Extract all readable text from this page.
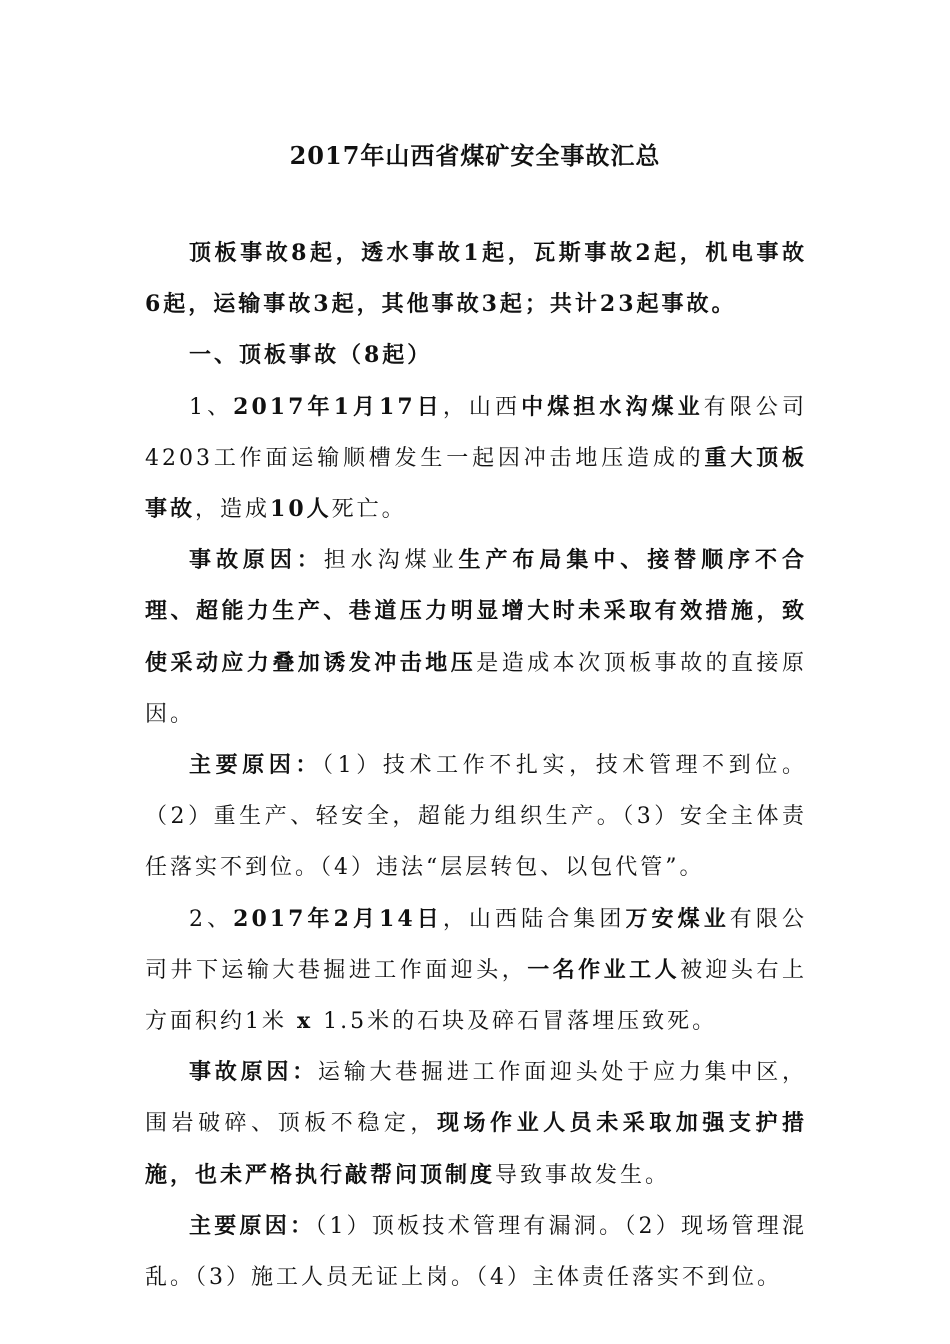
2017年山西省煤矿安全事故汇总

顶板事故8起，透水事故1起，瓦斯事故2起，机电事故6起，运输事故3起，其他事故3起；共计23起事故。

一、顶板事故（8起）

1、2017年1月17日，山西中煤担水沟煤业有限公司4203工作面运输顺槽发生一起因冲击地压造成的重大顶板事故，造成10人死亡。

事故原因：担水沟煤业生产布局集中、接替顺序不合理、超能力生产、巷道压力明显增大时未采取有效措施，致使采动应力叠加诱发冲击地压是造成本次顶板事故的直接原因。

主要原因：（1）技术工作不扎实，技术管理不到位。（2）重生产、轻安全，超能力组织生产。（3）安全主体责任落实不到位。（4）违法“层层转包、以包代管”。

2、2017年2月14日，山西陆合集团万安煤业有限公司井下运输大巷掘进工作面迎头，一名作业工人被迎头右上方面积约1米 x 1.5米的石块及碎石冒落埋压致死。

事故原因：运输大巷掘进工作面迎头处于应力集中区，围岩破碎、顶板不稳定，现场作业人员未采取加强支护措施，也未严格执行敲帮问顶制度导致事故发生。

主要原因：（1）顶板技术管理有漏洞。（2）现场管理混乱。（3）施工人员无证上岗。（4）主体责任落实不到位。
